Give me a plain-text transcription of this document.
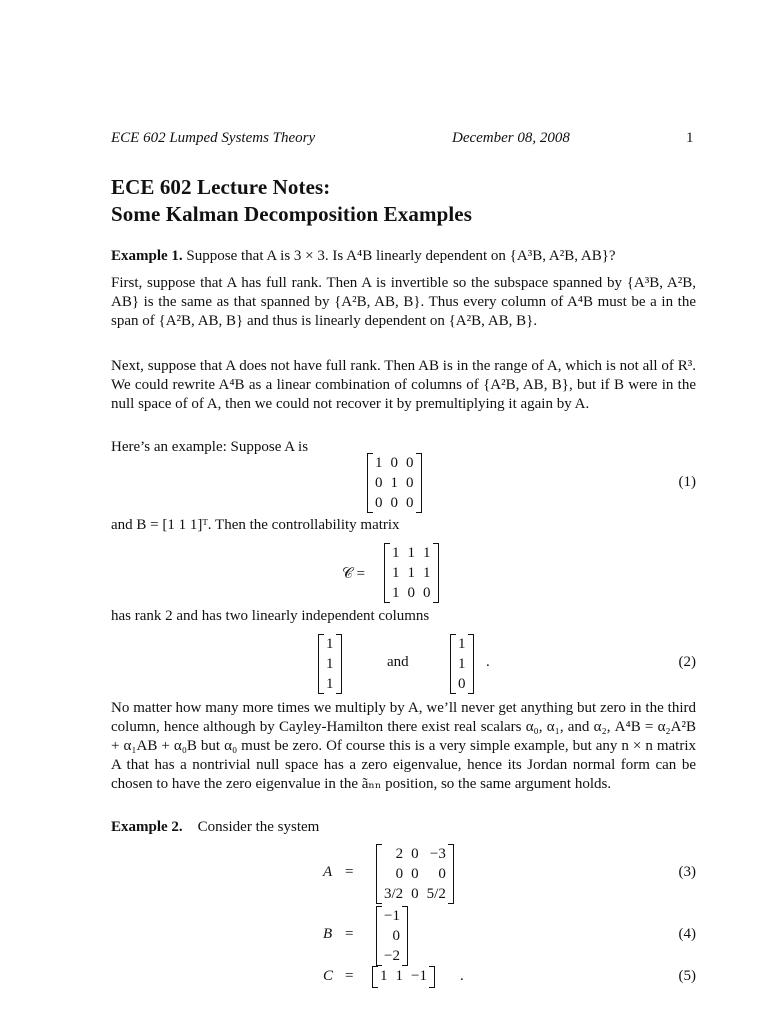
ECE 602 Lumped Systems Theory	December 08, 2008	1
ECE 602 Lecture Notes:
Some Kalman Decomposition Examples
Example 1. Suppose that A is 3 × 3. Is A⁴B linearly dependent on {A³B, A²B, AB}?
First, suppose that A has full rank. Then A is invertible so the subspace spanned by {A³B, A²B, AB} is the same as that spanned by {A²B, AB, B}. Thus every column of A⁴B must be a in the span of {A²B, AB, B} and thus is linearly dependent on {A²B, AB, B}.
Next, suppose that A does not have full rank. Then AB is in the range of A, which is not all of R³. We could rewrite A⁴B as a linear combination of columns of {A²B, AB, B}, but if B were in the null space of of A, then we could not recover it by premultiplying it again by A.
Here’s an example: Suppose A is
1	0	0
0	1	0
0	0	0
(1)
and B = [1 1 1]ᵀ. Then the controllability matrix
𝒞 =
1	1	1
1	1	1
1	0	0
has rank 2 and has two linearly independent columns
1
1
1
and
1
1
0
.	(2)
No matter how many more times we multiply by A, we’ll never get anything but zero in the third column, hence although by Cayley-Hamilton there exist real scalars α₀, α₁, and α₂, A⁴B = α₂A²B + α₁AB + α₀B but α₀ must be zero. Of course this is a very simple example, but any n × n matrix A that has a nontrivial null space has a zero eigenvalue, hence its Jordan normal form can be chosen to have the zero eigenvalue in the ãₙₙ position, so the same argument holds.
Example 2. Consider the system
A =
2	0	−3
0	0	0
3/2	0	5/2
(3)
B =
−1
0
−2
(4)
C = 1	1	−1 .	(5)
